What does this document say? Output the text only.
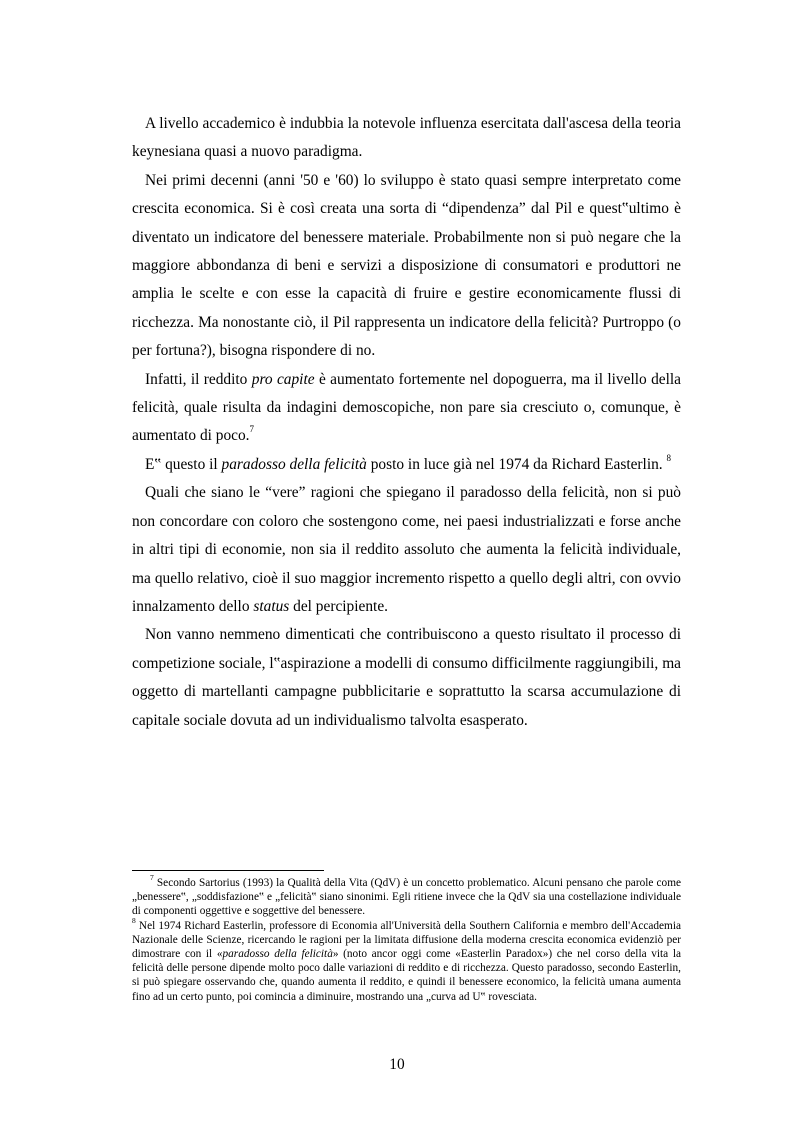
A livello accademico è indubbia la notevole influenza esercitata dall'ascesa della teoria keynesiana quasi a nuovo paradigma.

Nei primi decenni (anni '50 e '60) lo sviluppo è stato quasi sempre interpretato come crescita economica. Si è così creata una sorta di “dipendenza” dal Pil e quest‟ultimo è diventato un indicatore del benessere materiale. Probabilmente non si può negare che la maggiore abbondanza di beni e servizi a disposizione di consumatori e produttori ne amplia le scelte e con esse la capacità di fruire e gestire economicamente flussi di ricchezza. Ma nonostante ciò, il Pil rappresenta un indicatore della felicità? Purtroppo (o per fortuna?), bisogna rispondere di no.

Infatti, il reddito pro capite è aumentato fortemente nel dopoguerra, ma il livello della felicità, quale risulta da indagini demoscopiche, non pare sia cresciuto o, comunque, è aumentato di poco.$^7$

E‟ questo il paradosso della felicità posto in luce già nel 1974 da Richard Easterlin. $^8$

Quali che siano le “vere” ragioni che spiegano il paradosso della felicità, non si può non concordare con coloro che sostengono come, nei paesi industrializzati e forse anche in altri tipi di economie, non sia il reddito assoluto che aumenta la felicità individuale, ma quello relativo, cioè il suo maggior incremento rispetto a quello degli altri, con ovvio innalzamento dello status del percipiente.

Non vanno nemmeno dimenticati che contribuiscono a questo risultato il processo di competizione sociale, l‟aspirazione a modelli di consumo difficilmente raggiungibili, ma oggetto di martellanti campagne pubblicitarie e soprattutto la scarsa accumulazione di capitale sociale dovuta ad un individualismo talvolta esasperato.

$^7$ Secondo Sartorius (1993) la Qualità della Vita (QdV) è un concetto problematico. Alcuni pensano che parole come „benessere‟, „soddisfazione‟ e „felicità‟ siano sinonimi. Egli ritiene invece che la QdV sia una costellazione individuale di componenti oggettive e soggettive del benessere.

$^8$ Nel 1974 Richard Easterlin, professore di Economia all'Università della Southern California e membro dell'Accademia Nazionale delle Scienze, ricercando le ragioni per la limitata diffusione della moderna crescita economica evidenziò per dimostrare con il «paradosso della felicità» (noto ancor oggi come «Easterlin Paradox») che nel corso della vita la felicità delle persone dipende molto poco dalle variazioni di reddito e di ricchezza. Questo paradosso, secondo Easterlin, si può spiegare osservando che, quando aumenta il reddito, e quindi il benessere economico, la felicità umana aumenta fino ad un certo punto, poi comincia a diminuire, mostrando una „curva ad U‟ rovesciata.

10
